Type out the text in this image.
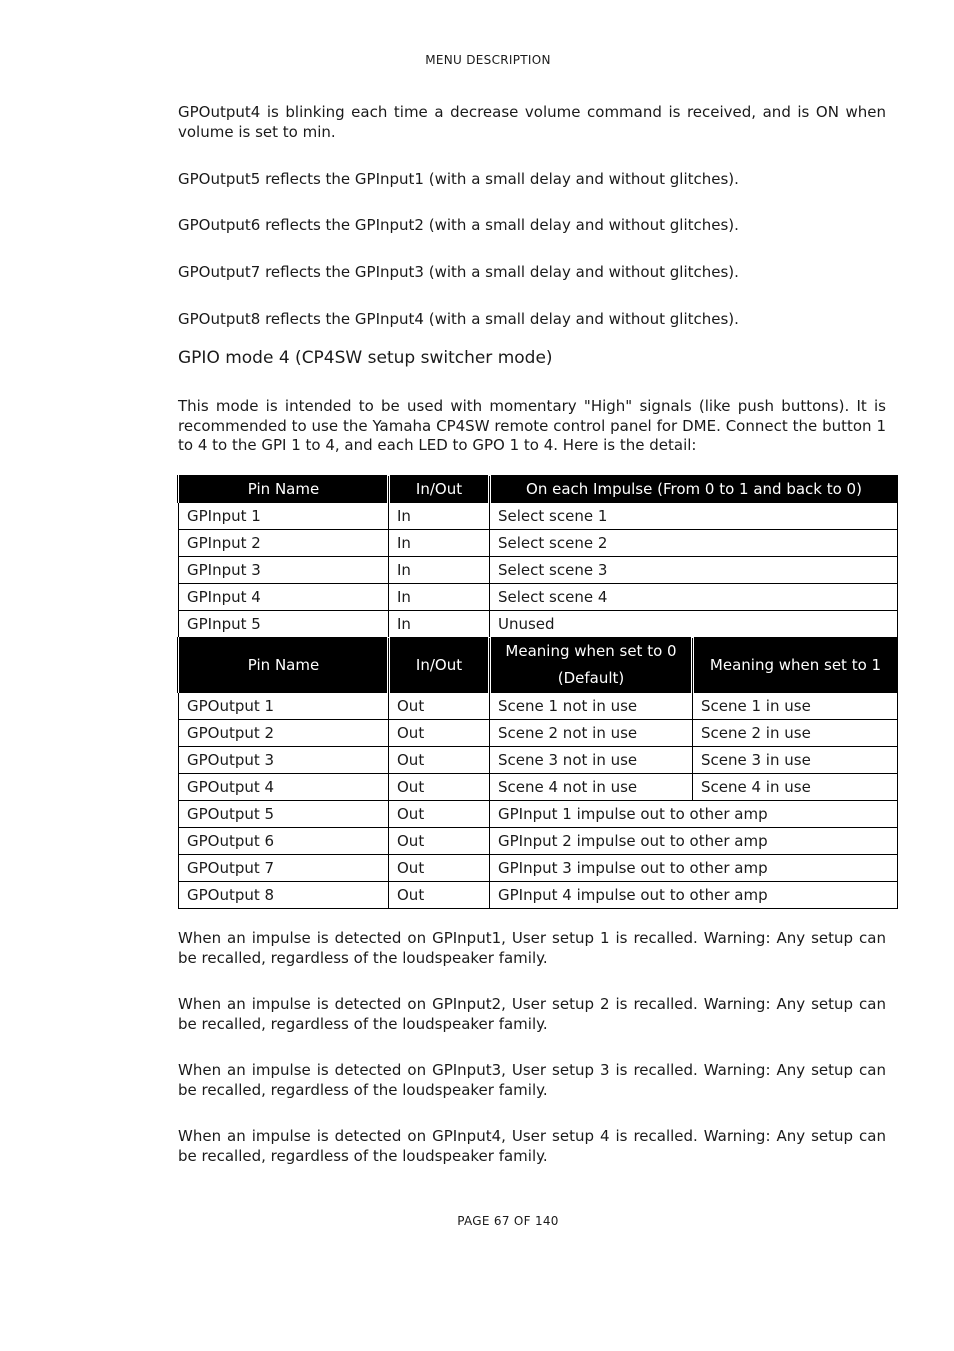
MENU DESCRIPTION

GPOutput4 is blinking each time a decrease volume command is received, and is ON when volume is set to min.

GPOutput5 reflects the GPInput1 (with a small delay and without glitches).

GPOutput6 reflects the GPInput2 (with a small delay and without glitches).

GPOutput7 reflects the GPInput3 (with a small delay and without glitches).

GPOutput8 reflects the GPInput4 (with a small delay and without glitches).

GPIO mode 4 (CP4SW setup switcher mode)

This mode is intended to be used with momentary "High" signals (like push buttons). It is recommended to use the Yamaha CP4SW remote control panel for DME. Connect the button 1 to 4 to the GPI 1 to 4, and each LED to GPO 1 to 4. Here is the detail:

Pin Name	In/Out	On each Impulse (From 0 to 1 and back to 0)	
GPInput 1	In	Select scene 1	
GPInput 2	In	Select scene 2	
GPInput 3	In	Select scene 3	
GPInput 4	In	Select scene 4	
GPInput 5	In	Unused	
Pin Name	In/Out	Meaning when set to 0 (Default)	Meaning when set to 1
GPOutput 1	Out	Scene 1 not in use	Scene 1 in use
GPOutput 2	Out	Scene 2 not in use	Scene 2 in use
GPOutput 3	Out	Scene 3 not in use	Scene 3 in use
GPOutput 4	Out	Scene 4 not in use	Scene 4 in use
GPOutput 5	Out	GPInput 1 impulse out to other amp	
GPOutput 6	Out	GPInput 2 impulse out to other amp	
GPOutput 7	Out	GPInput 3 impulse out to other amp	
GPOutput 8	Out	GPInput 4 impulse out to other amp	

When an impulse is detected on GPInput1, User setup 1 is recalled. Warning: Any setup can be recalled, regardless of the loudspeaker family.

When an impulse is detected on GPInput2, User setup 2 is recalled. Warning: Any setup can be recalled, regardless of the loudspeaker family.

When an impulse is detected on GPInput3, User setup 3 is recalled. Warning: Any setup can be recalled, regardless of the loudspeaker family.

When an impulse is detected on GPInput4, User setup 4 is recalled. Warning: Any setup can be recalled, regardless of the loudspeaker family.

PAGE 67 OF 140
